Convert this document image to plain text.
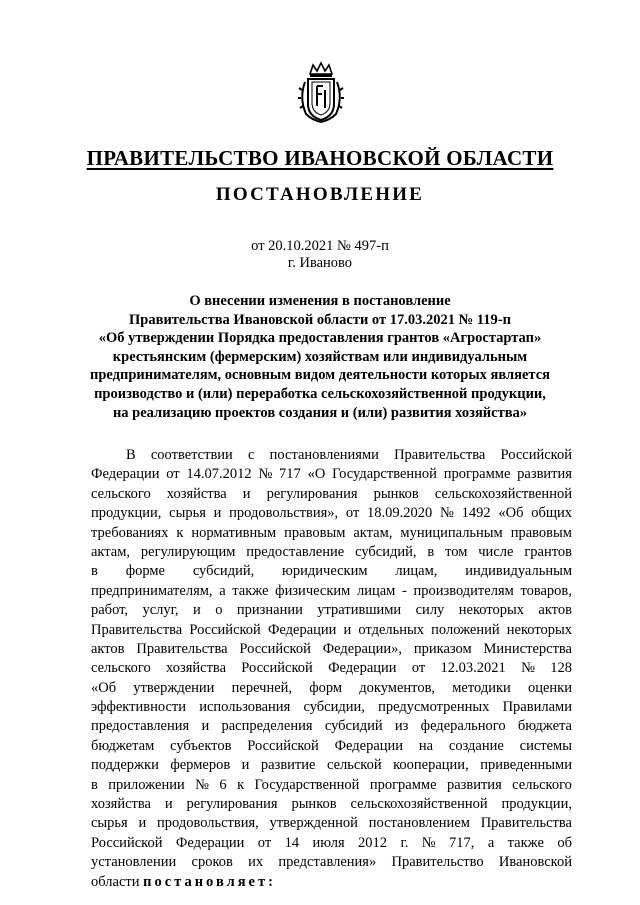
ПРАВИТЕЛЬСТВО ИВАНОВСКОЙ ОБЛАСТИ
ПОСТАНОВЛЕНИЕ
от 20.10.2021 № 497-п
г. Иваново
О внесении изменения в постановление
Правительства Ивановской области от 17.03.2021 № 119-п
«Об утверждении Порядка предоставления грантов «Агростартап»
крестьянским (фермерским) хозяйствам или индивидуальным
предпринимателям, основным видом деятельности которых является
производство и (или) переработка сельскохозяйственной продукции,
на реализацию проектов создания и (или) развития хозяйства»
В соответствии с постановлениями Правительства Российской
Федерации от 14.07.2012 № 717 «О Государственной программе развития
сельского хозяйства и регулирования рынков сельскохозяйственной
продукции, сырья и продовольствия», от 18.09.2020 № 1492 «Об общих
требованиях к нормативным правовым актам, муниципальным правовым
актам, регулирующим предоставление субсидий, в том числе грантов
в форме субсидий, юридическим лицам, индивидуальным
предпринимателям, а также физическим лицам - производителям товаров,
работ, услуг, и о признании утратившими силу некоторых актов
Правительства Российской Федерации и отдельных положений некоторых
актов Правительства Российской Федерации», приказом Министерства
сельского хозяйства Российской Федерации от 12.03.2021 № 128
«Об утверждении перечней, форм документов, методики оценки
эффективности использования субсидии, предусмотренных Правилами
предоставления и распределения субсидий из федерального бюджета
бюджетам субъектов Российской Федерации на создание системы
поддержки фермеров и развитие сельской кооперации, приведенными
в приложении № 6 к Государственной программе развития сельского
хозяйства и регулирования рынков сельскохозяйственной продукции,
сырья и продовольствия, утвержденной постановлением Правительства
Российской Федерации от 14 июля 2012 г. № 717, а также об
установлении сроков их представления» Правительство Ивановской
области
постановляет:
